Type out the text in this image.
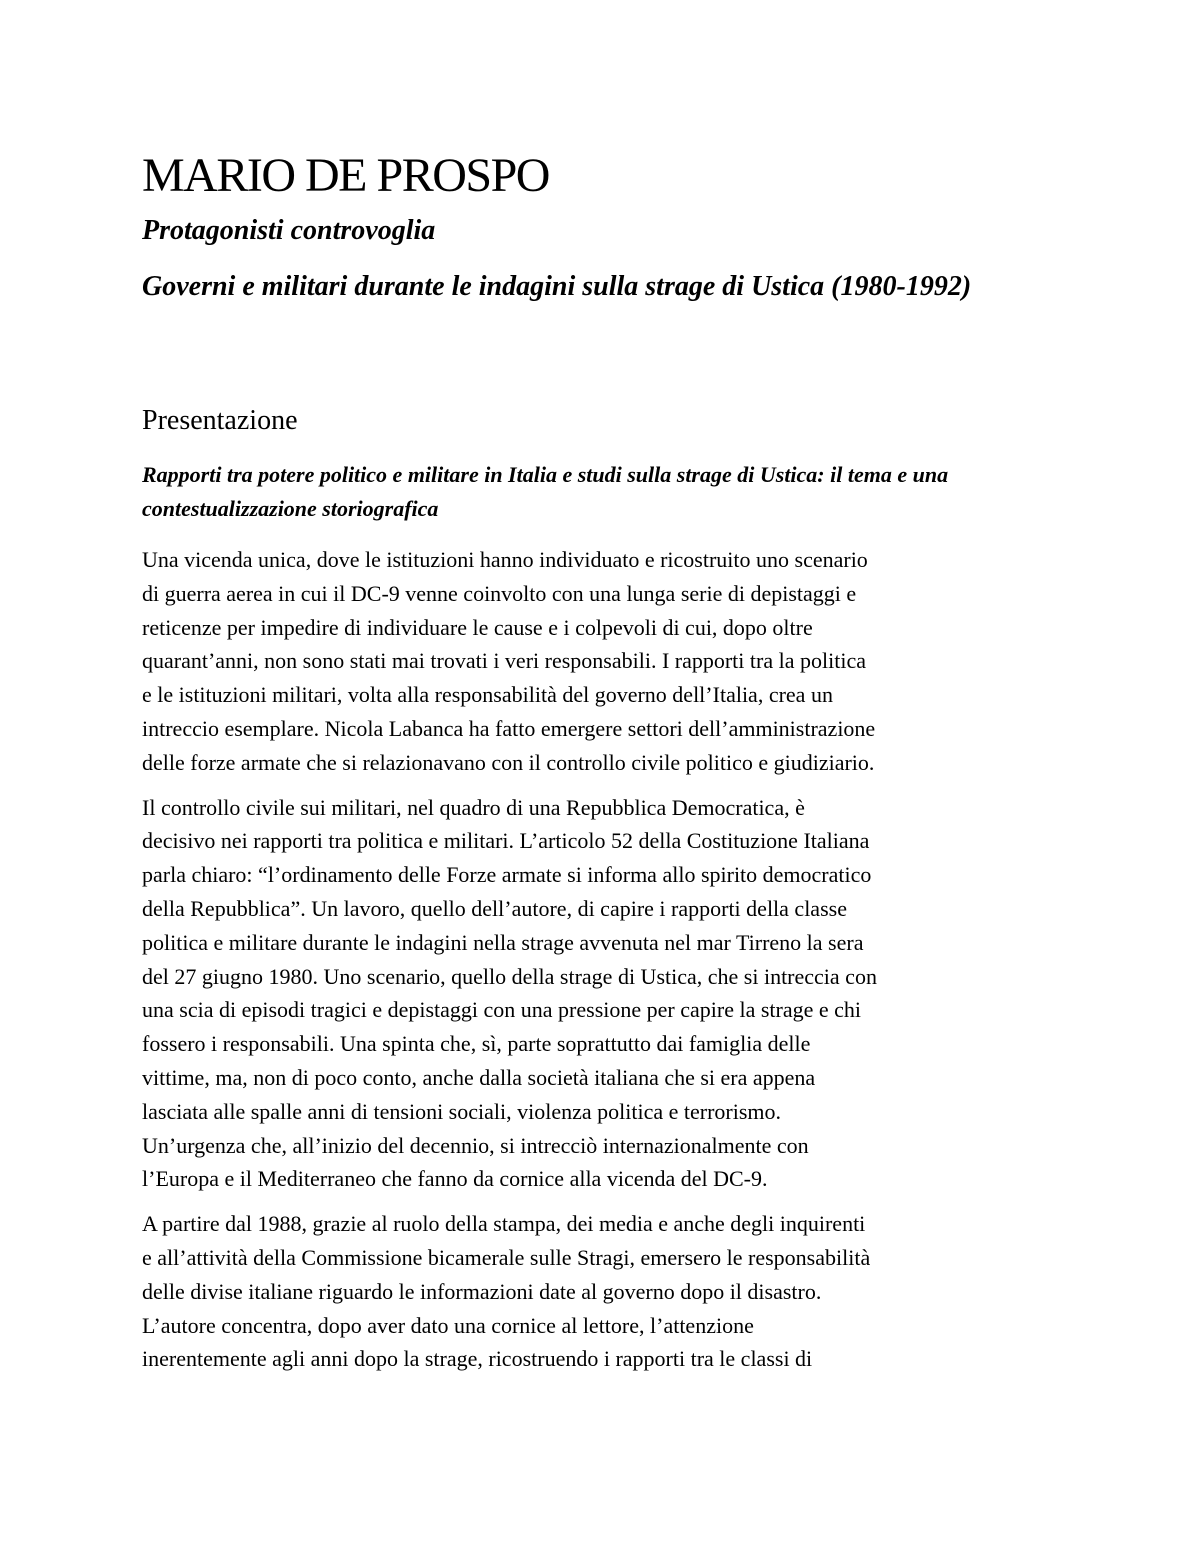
MARIO DE PROSPO
Protagonisti controvoglia
Governi e militari durante le indagini sulla strage di Ustica (1980-1992)
Presentazione
Rapporti tra potere politico e militare in Italia e studi sulla strage di Ustica: il tema e una contestualizzazione storiografica

Una vicenda unica, dove le istituzioni hanno individuato e ricostruito uno scenario
di guerra aerea in cui il DC-9 venne coinvolto con una lunga serie di depistaggi e
reticenze per impedire di individuare le cause e i colpevoli di cui, dopo oltre
quarant’anni, non sono stati mai trovati i veri responsabili. I rapporti tra la politica
e le istituzioni militari, volta alla responsabilità del governo dell’Italia, crea un
intreccio esemplare. Nicola Labanca ha fatto emergere settori dell’amministrazione
delle forze armate che si relazionavano con il controllo civile politico e giudiziario.

Il controllo civile sui militari, nel quadro di una Repubblica Democratica, è
decisivo nei rapporti tra politica e militari. L’articolo 52 della Costituzione Italiana
parla chiaro: “l’ordinamento delle Forze armate si informa allo spirito democratico
della Repubblica”. Un lavoro, quello dell’autore, di capire i rapporti della classe
politica e militare durante le indagini nella strage avvenuta nel mar Tirreno la sera
del 27 giugno 1980. Uno scenario, quello della strage di Ustica, che si intreccia con
una scia di episodi tragici e depistaggi con una pressione per capire la strage e chi
fossero i responsabili. Una spinta che, sì, parte soprattutto dai famiglia delle
vittime, ma, non di poco conto, anche dalla società italiana che si era appena
lasciata alle spalle anni di tensioni sociali, violenza politica e terrorismo.
Un’urgenza che, all’inizio del decennio, si intrecciò internazionalmente con
l’Europa e il Mediterraneo che fanno da cornice alla vicenda del DC-9.

A partire dal 1988, grazie al ruolo della stampa, dei media e anche degli inquirenti
e all’attività della Commissione bicamerale sulle Stragi, emersero le responsabilità
delle divise italiane riguardo le informazioni date al governo dopo il disastro.
L’autore concentra, dopo aver dato una cornice al lettore, l’attenzione
inerentemente agli anni dopo la strage, ricostruendo i rapporti tra le classi di
